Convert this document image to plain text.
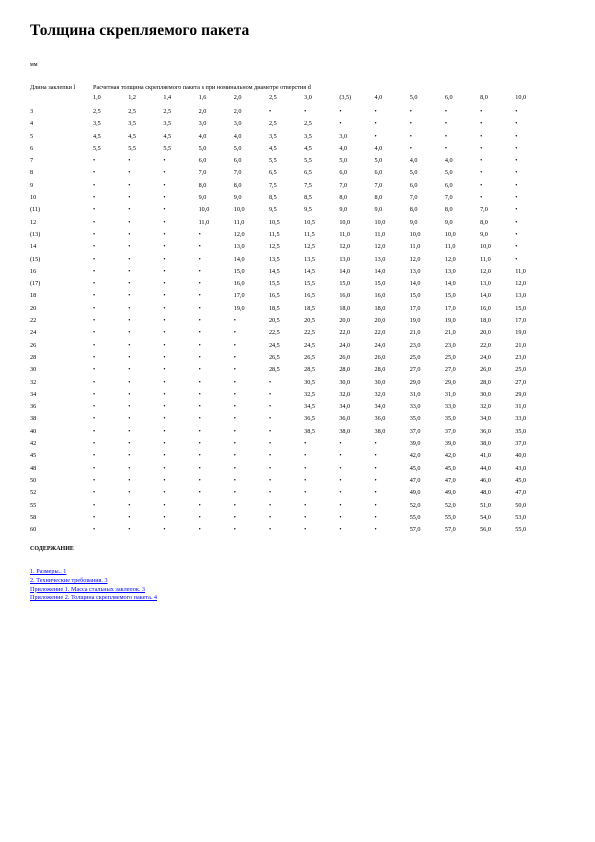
Толщина скрепляемого пакета
мм
Длина заклепки l	Расчетная толщина скрепляемого пакета s при номинальном диаметре отверстия d												
	1,0	1,2	1,4	1,6	2,0	2,5	3,0	(3,5)	4,0	5,0	6,0	8,0	10,0
3	2,5	2,5	2,5	2,0	2,0	•	•	•	•	•	•	•	•
4	3,5	3,5	3,5	3,0	3,0	2,5	2,5	•	•	•	•	•	•
5	4,5	4,5	4,5	4,0	4,0	3,5	3,5	3,0	•	•	•	•	•
6	5,5	5,5	5,5	5,0	5,0	4,5	4,5	4,0	4,0	•	•	•	•
7	•	•	•	6,0	6,0	5,5	5,5	5,0	5,0	4,0	4,0	•	•
8	•	•	•	7,0	7,0	6,5	6,5	6,0	6,0	5,0	5,0	•	•
9	•	•	•	8,0	8,0	7,5	7,5	7,0	7,0	6,0	6,0	•	•
10	•	•	•	9,0	9,0	8,5	8,5	8,0	8,0	7,0	7,0	•	•
(11)	•	•	•	10,0	10,0	9,5	9,5	9,0	9,0	8,0	8,0	7,0	•
12	•	•	•	11,0	11,0	10,5	10,5	10,0	10,0	9,0	9,0	8,0	•
(13)	•	•	•	•	12,0	11,5	11,5	11,0	11,0	10,0	10,0	9,0	•
14	•	•	•	•	13,0	12,5	12,5	12,0	12,0	11,0	11,0	10,0	•
(15)	•	•	•	•	14,0	13,5	13,5	13,0	13,0	12,0	12,0	11,0	•
16	•	•	•	•	15,0	14,5	14,5	14,0	14,0	13,0	13,0	12,0	11,0
(17)	•	•	•	•	16,0	15,5	15,5	15,0	15,0	14,0	14,0	13,0	12,0
18	•	•	•	•	17,0	16,5	16,5	16,0	16,0	15,0	15,0	14,0	13,0
20	•	•	•	•	19,0	18,5	18,5	18,0	18,0	17,0	17,0	16,0	15,0
22	•	•	•	•	•	20,5	20,5	20,0	20,0	19,0	19,0	18,0	17,0
24	•	•	•	•	•	22,5	22,5	22,0	22,0	21,0	21,0	20,0	19,0
26	•	•	•	•	•	24,5	24,5	24,0	24,0	23,0	23,0	22,0	21,0
28	•	•	•	•	•	26,5	26,5	26,0	26,0	25,0	25,0	24,0	23,0
30	•	•	•	•	•	28,5	28,5	28,0	28,0	27,0	27,0	26,0	25,0
32	•	•	•	•	•	•	30,5	30,0	30,0	29,0	29,0	28,0	27,0
34	•	•	•	•	•	•	32,5	32,0	32,0	31,0	31,0	30,0	29,0
36	•	•	•	•	•	•	34,5	34,0	34,0	33,0	33,0	32,0	31,0
38	•	•	•	•	•	•	36,5	36,0	36,0	35,0	35,0	34,0	33,0
40	•	•	•	•	•	•	38,5	38,0	38,0	37,0	37,0	36,0	35,0
42	•	•	•	•	•	•	•	•	•	39,0	39,0	38,0	37,0
45	•	•	•	•	•	•	•	•	•	42,0	42,0	41,0	40,0
48	•	•	•	•	•	•	•	•	•	45,0	45,0	44,0	43,0
50	•	•	•	•	•	•	•	•	•	47,0	47,0	46,0	45,0
52	•	•	•	•	•	•	•	•	•	49,0	49,0	48,0	47,0
55	•	•	•	•	•	•	•	•	•	52,0	52,0	51,0	50,0
58	•	•	•	•	•	•	•	•	•	55,0	55,0	54,0	53,0
60	•	•	•	•	•	•	•	•	•	57,0	57,0	56,0	55,0
СОДЕРЖАНИЕ
1. Размеры.. 1
2. Технические требования. 3
Приложение 1. Масса стальных заклепок. 3
Приложение 2. Толщина скрепляемого пакета. 4
